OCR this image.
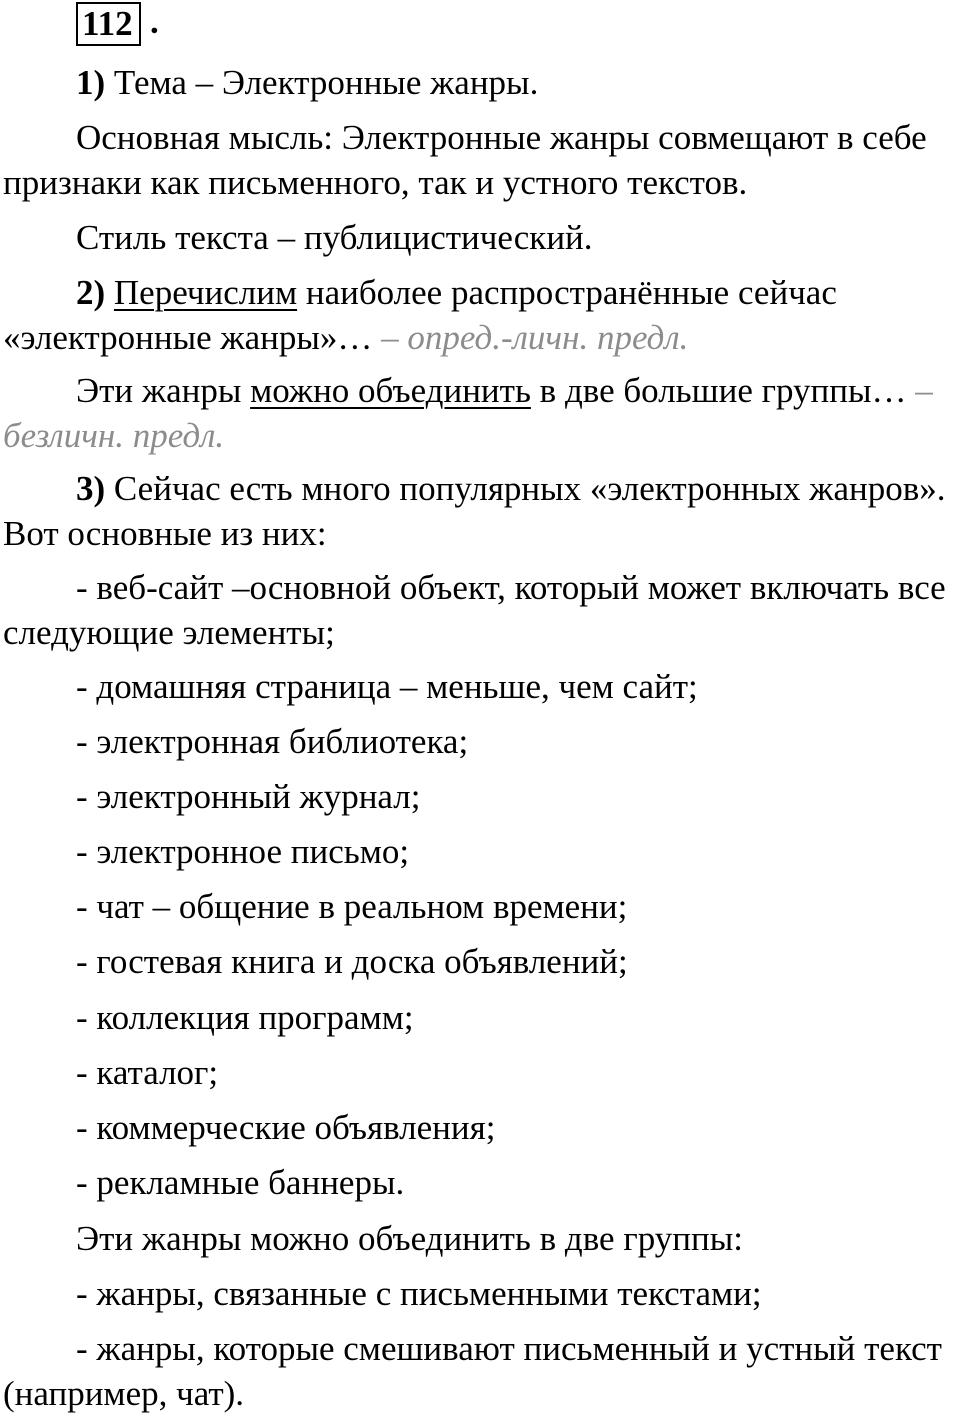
112 .
1) Тема – Электронные жанры.
Основная мысль: Электронные жанры совмещают в себе признаки как письменного, так и устного текстов.
Стиль текста – публицистический.
2) Перечислим наиболее распространённые сейчас «электронные жанры»… – опред.-личн. предл.
Эти жанры можно объединить в две большие группы… – безличн. предл.
3) Сейчас есть много популярных «электронных жанров». Вот основные из них:
- веб-сайт –основной объект, который может включать все следующие элементы;
- домашняя страница – меньше, чем сайт;
- электронная библиотека;
- электронный журнал;
- электронное письмо;
- чат – общение в реальном времени;
- гостевая книга и доска объявлений;
- коллекция программ;
- каталог;
- коммерческие объявления;
- рекламные баннеры.
Эти жанры можно объединить в две группы:
- жанры, связанные с письменными текстами;
- жанры, которые смешивают письменный и устный текст (например, чат).
